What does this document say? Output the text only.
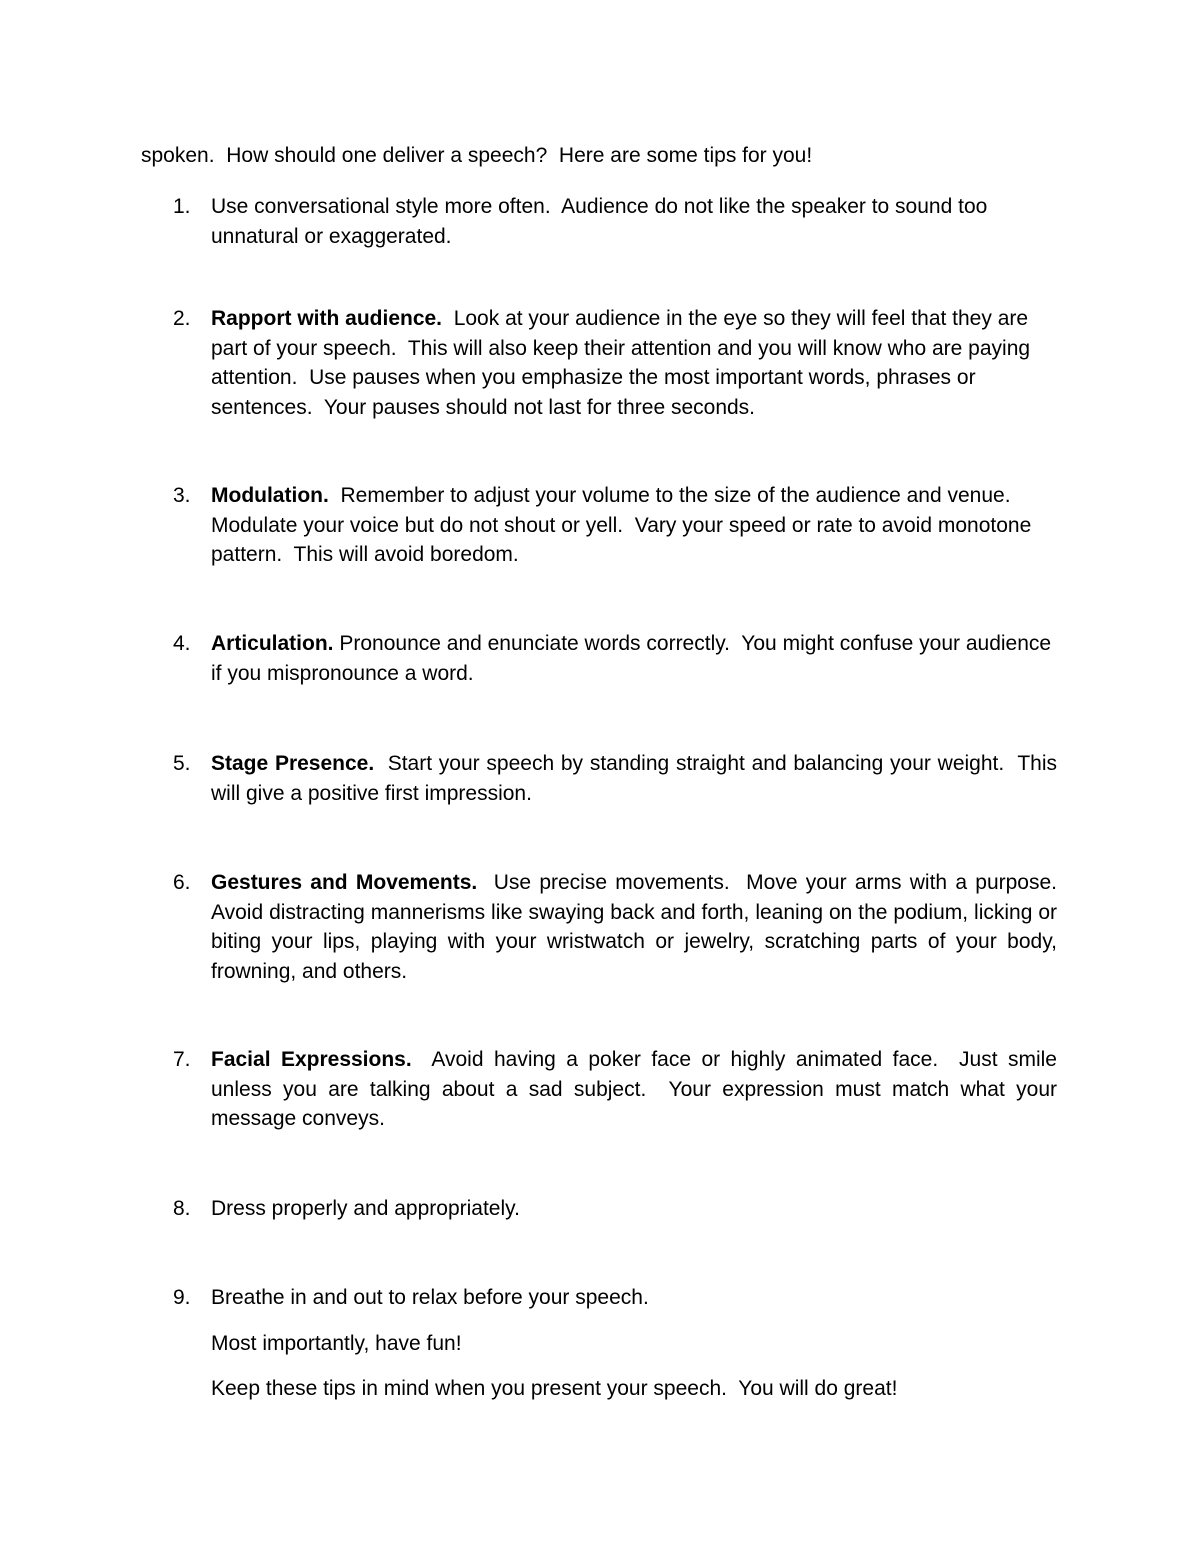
spoken.  How should one deliver a speech?  Here are some tips for you!
1. Use conversational style more often.  Audience do not like the speaker to sound too unnatural or exaggerated.
2. Rapport with audience.  Look at your audience in the eye so they will feel that they are part of your speech.  This will also keep their attention and you will know who are paying attention.  Use pauses when you emphasize the most important words, phrases or sentences.  Your pauses should not last for three seconds.
3. Modulation.  Remember to adjust your volume to the size of the audience and venue.  Modulate your voice but do not shout or yell.  Vary your speed or rate to avoid monotone pattern.  This will avoid boredom.
4. Articulation. Pronounce and enunciate words correctly.  You might confuse your audience if you mispronounce a word.
5. Stage Presence.  Start your speech by standing straight and balancing your weight.  This will give a positive first impression.
6. Gestures and Movements.  Use precise movements.  Move your arms with a purpose.  Avoid distracting mannerisms like swaying back and forth, leaning on the podium, licking or biting your lips, playing with your wristwatch or jewelry, scratching parts of your body, frowning, and others.
7. Facial Expressions.  Avoid having a poker face or highly animated face.  Just smile unless you are talking about a sad subject.  Your expression must match what your message conveys.
8. Dress properly and appropriately.
9. Breathe in and out to relax before your speech.
Most importantly, have fun!
Keep these tips in mind when you present your speech.  You will do great!
